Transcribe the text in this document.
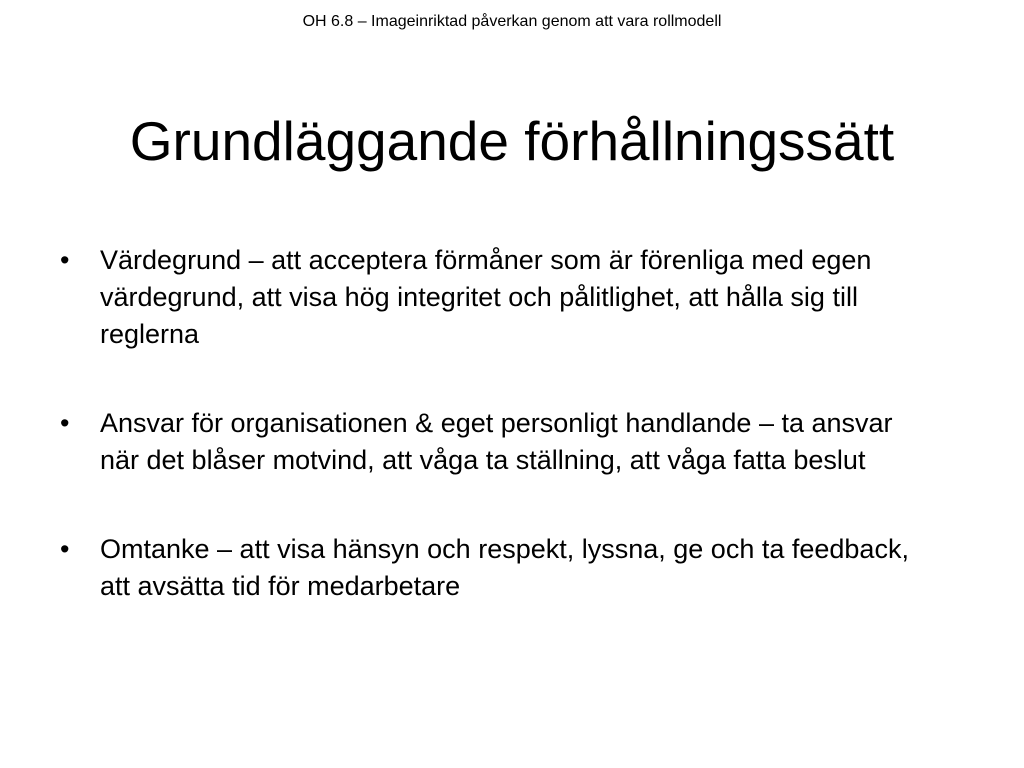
OH 6.8 – Imageinriktad påverkan genom att vara rollmodell
Grundläggande förhållningssätt
• Värdegrund – att acceptera förmåner som är förenliga med egen värdegrund, att visa hög integritet och pålitlighet, att hålla sig till reglerna
• Ansvar för organisationen & eget personligt handlande – ta ansvar när det blåser motvind, att våga ta ställning, att våga fatta beslut
• Omtanke – att visa hänsyn och respekt, lyssna, ge och ta feedback, att avsätta tid för medarbetare
